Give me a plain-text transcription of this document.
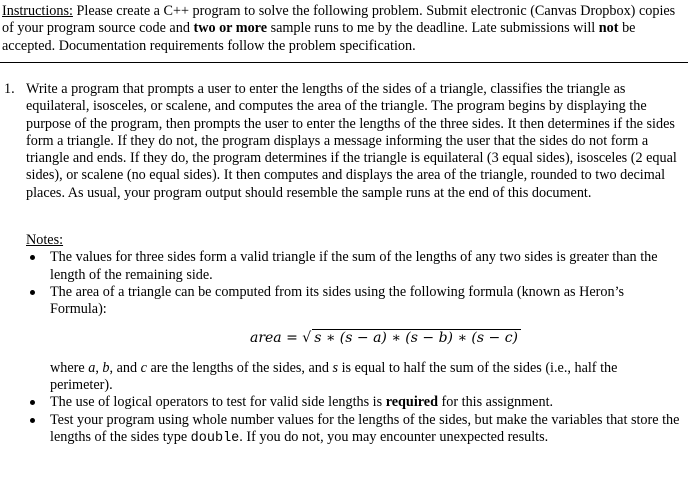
Instructions: Please create a C++ program to solve the following problem. Submit electronic (Canvas Dropbox) copies of your program source code and two or more sample runs to me by the deadline. Late submissions will not be accepted. Documentation requirements follow the problem specification.
1. Write a program that prompts a user to enter the lengths of the sides of a triangle, classifies the triangle as equilateral, isosceles, or scalene, and computes the area of the triangle. The program begins by displaying the purpose of the program, then prompts the user to enter the lengths of the three sides. It then determines if the sides form a triangle. If they do not, the program displays a message informing the user that the sides do not form a triangle and ends. If they do, the program determines if the triangle is equilateral (3 equal sides), isosceles (2 equal sides), or scalene (no equal sides). It then computes and displays the area of the triangle, rounded to two decimal places. As usual, your program output should resemble the sample runs at the end of this document.
Notes:
The values for three sides form a valid triangle if the sum of the lengths of any two sides is greater than the length of the remaining side.
The area of a triangle can be computed from its sides using the following formula (known as Heron’s Formula):
area = √ s ∗ (s − a) ∗ (s − b) ∗ (s − c)
where a, b, and c are the lengths of the sides, and s is equal to half the sum of the sides (i.e., half the perimeter).
The use of logical operators to test for valid side lengths is required for this assignment.
Test your program using whole number values for the lengths of the sides, but make the variables that store the lengths of the sides type double. If you do not, you may encounter unexpected results.
